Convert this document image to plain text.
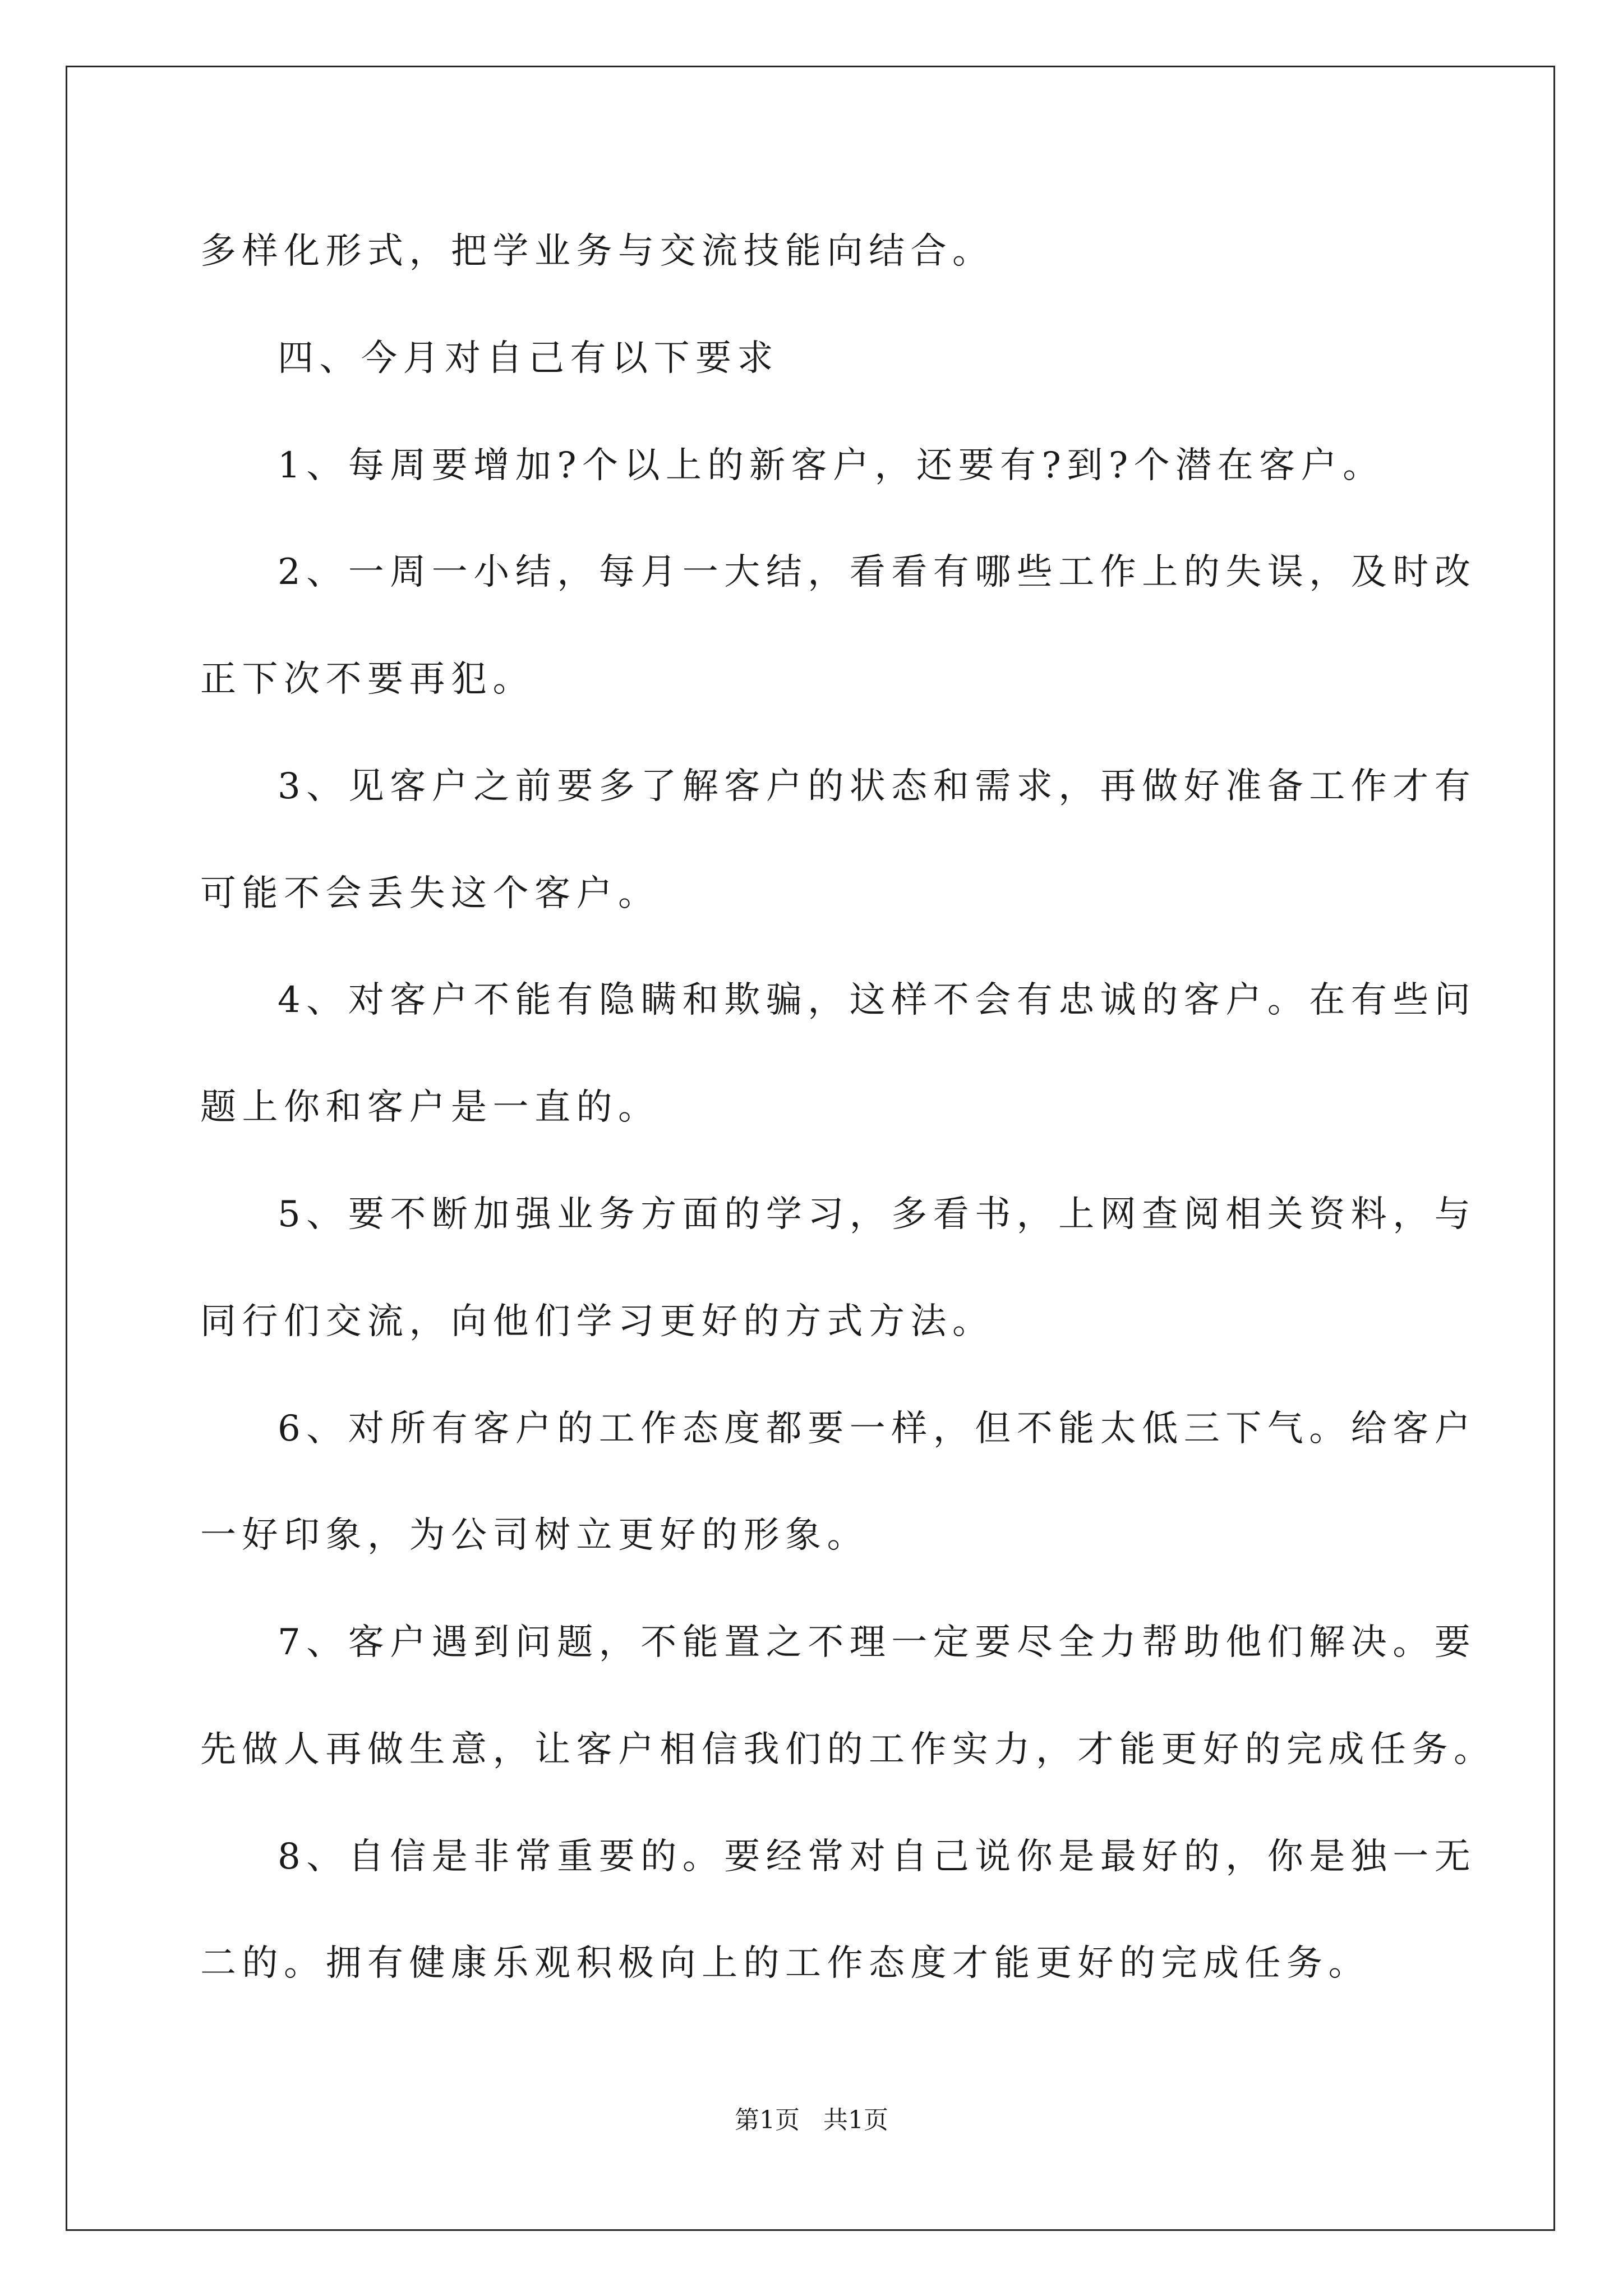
多样化形式，把学业务与交流技能向结合。
四、今月对自己有以下要求
1、每周要增加?个以上的新客户，还要有?到?个潜在客户。
2、一周一小结，每月一大结，看看有哪些工作上的失误，及时改
正下次不要再犯。
3、见客户之前要多了解客户的状态和需求，再做好准备工作才有
可能不会丢失这个客户。
4、对客户不能有隐瞒和欺骗，这样不会有忠诚的客户。在有些问
题上你和客户是一直的。
5、要不断加强业务方面的学习，多看书，上网查阅相关资料，与
同行们交流，向他们学习更好的方式方法。
6、对所有客户的工作态度都要一样，但不能太低三下气。给客户
一好印象，为公司树立更好的形象。
7、客户遇到问题，不能置之不理一定要尽全力帮助他们解决。要
先做人再做生意，让客户相信我们的工作实力，才能更好的完成任务。
8、自信是非常重要的。要经常对自己说你是最好的，你是独一无
二的。拥有健康乐观积极向上的工作态度才能更好的完成任务。
第1页   共1页
